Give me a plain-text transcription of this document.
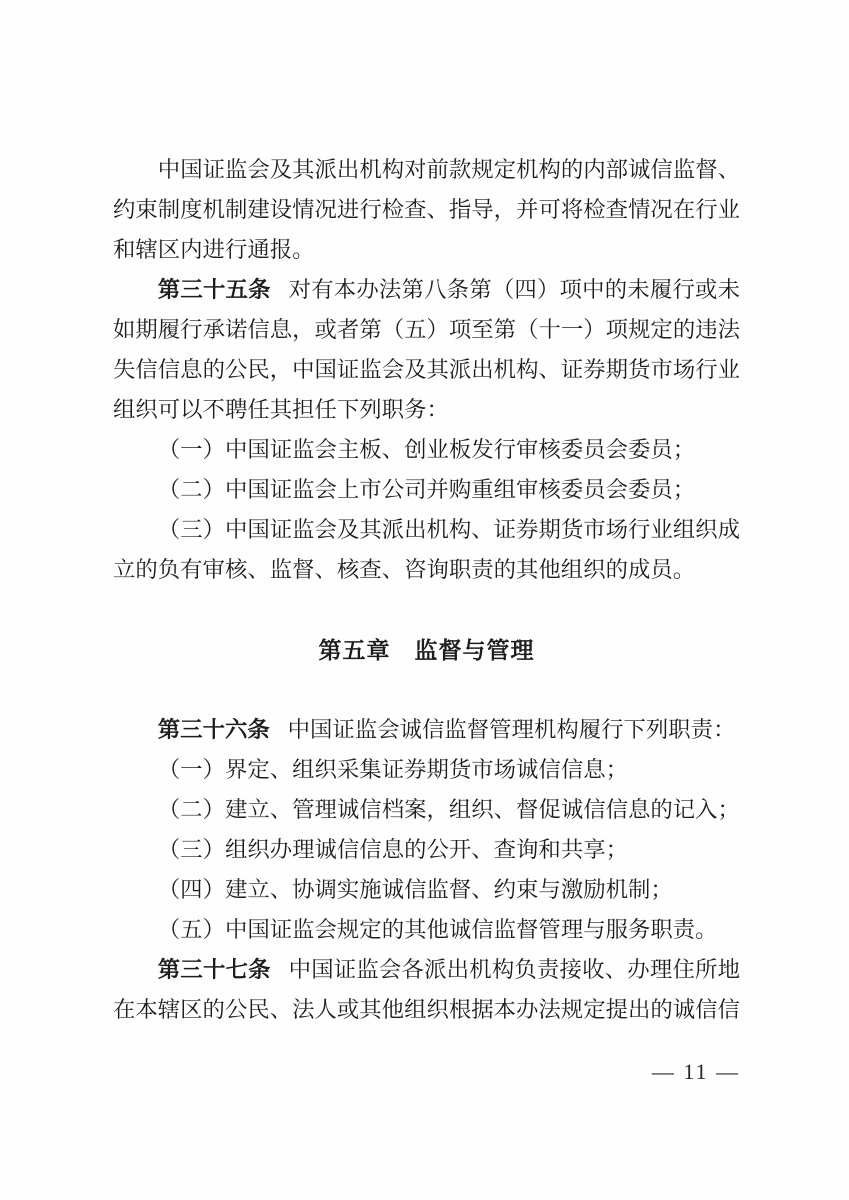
中国证监会及其派出机构对前款规定机构的内部诚信监督、约束制度机制建设情况进行检查、指导，并可将检查情况在行业和辖区内进行通报。

第三十五条 对有本办法第八条第（四）项中的未履行或未如期履行承诺信息，或者第（五）项至第（十一）项规定的违法失信信息的公民，中国证监会及其派出机构、证券期货市场行业组织可以不聘任其担任下列职务：

（一）中国证监会主板、创业板发行审核委员会委员；

（二）中国证监会上市公司并购重组审核委员会委员；

（三）中国证监会及其派出机构、证券期货市场行业组织成立的负有审核、监督、核查、咨询职责的其他组织的成员。

第五章　监督与管理

第三十六条 中国证监会诚信监督管理机构履行下列职责：

（一）界定、组织采集证券期货市场诚信信息；

（二）建立、管理诚信档案，组织、督促诚信信息的记入；

（三）组织办理诚信信息的公开、查询和共享；

（四）建立、协调实施诚信监督、约束与激励机制；

（五）中国证监会规定的其他诚信监督管理与服务职责。

第三十七条 中国证监会各派出机构负责接收、办理住所地在本辖区的公民、法人或其他组织根据本办法规定提出的诚信信

— 11 —
